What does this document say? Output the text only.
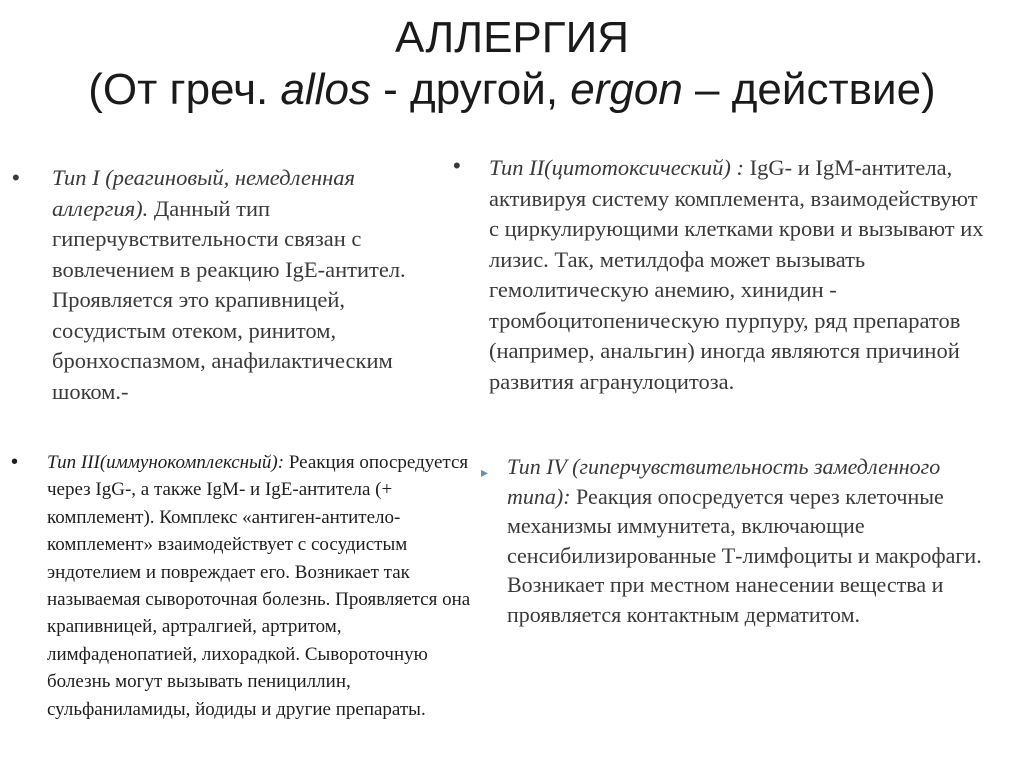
АЛЛЕРГИЯ
(От греч. allos - другой, ergon – действие)
• Тип I (реагиновый, немедленная аллергия). Данный тип гиперчувствительности связан с вовлечением в реакцию IgE-антител. Проявляется это крапивницей, сосудистым отеком, ринитом, бронхоспазмом, анафилактическим шоком.-
• Тип II(цитотоксический) : IgG- и IgM-антитела, активируя систему комплемента, взаимодействуют с циркулирующими клетками крови и вызывают их лизис. Так, метилдофа может вызывать гемолитическую анемию, хинидин - тромбоцитопеническую пурпуру, ряд препаратов (например, анальгин) иногда являются причиной развития агранулоцитоза.
• Тип III(иммунокомплексный): Реакция опосредуется через IgG-, а также IgM- и IgE-антитела (+ комплемент). Комплекс «антиген-антитело-комплемент» взаимодействует с сосудистым эндотелием и повреждает его. Возникает так называемая сывороточная болезнь. Проявляется она крапивницей, артралгией, артритом, лимфаденопатией, лихорадкой. Сывороточную болезнь могут вызывать пенициллин, сульфаниламиды, йодиды и другие препараты.
▸ Тип IV (гиперчувствительность замедленного типа): Реакция опосредуется через клеточные механизмы иммунитета, включающие сенсибилизированные Т-лимфоциты и макрофаги. Возникает при местном нанесении вещества и проявляется контактным дерматитом.
